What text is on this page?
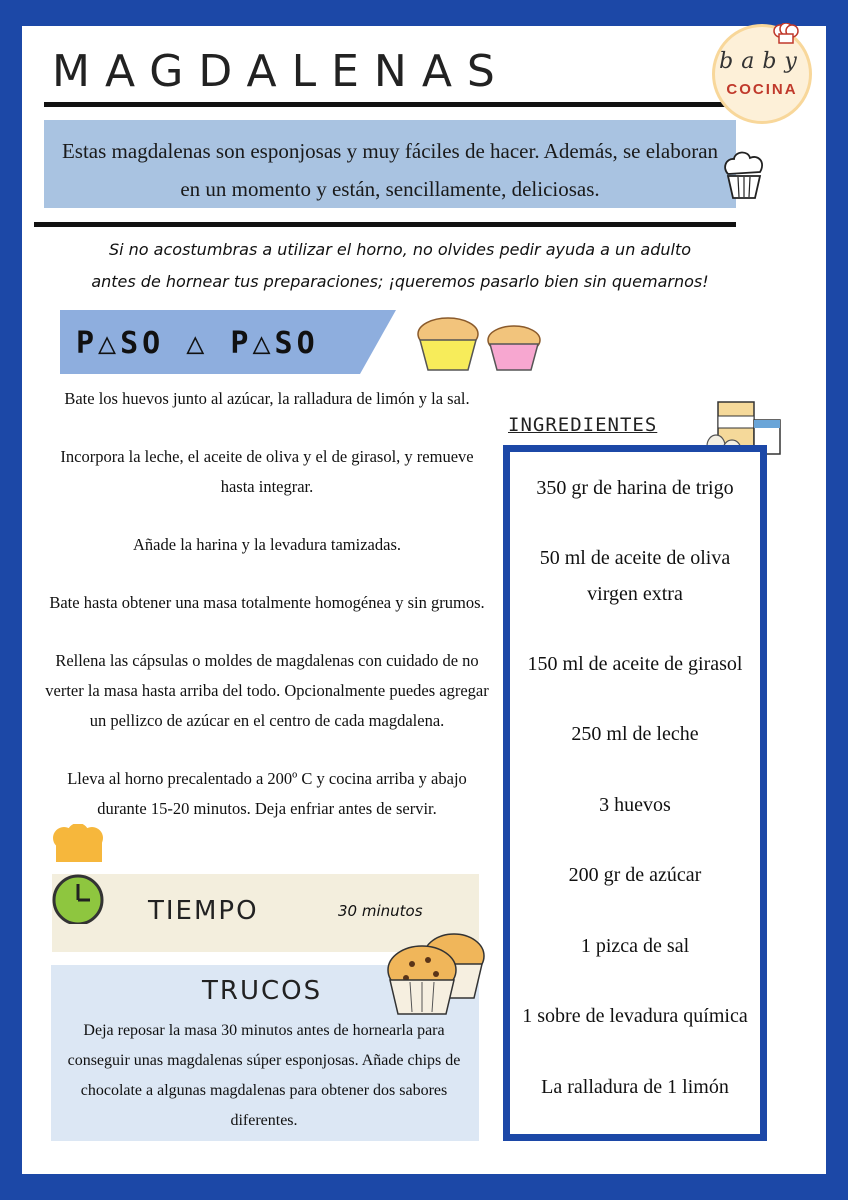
MAGDALENAS	baby
COCINA
Estas magdalenas son esponjosas y muy fáciles de hacer. Además, se elaboran en un momento y están, sencillamente, deliciosas.
Si no acostumbras a utilizar el horno, no olvides pedir ayuda a un adulto
antes de hornear tus preparaciones; ¡queremos pasarlo bien sin quemarnos!
P△SO △ P△SO

Bate los huevos junto al azúcar, la ralladura de limón y la sal.

Incorpora la leche, el aceite de oliva y el de girasol, y remueve hasta integrar.

Añade la harina y la levadura tamizadas.

Bate hasta obtener una masa totalmente homogénea y sin grumos.

Rellena las cápsulas o moldes de magdalenas con cuidado de no verter la masa hasta arriba del todo. Opcionalmente puedes agregar un pellizco de azúcar en el centro de cada magdalena.

Lleva al horno precalentado a 200º C y cocina arriba y abajo durante 15-20 minutos. Deja enfriar antes de servir.

INGREDIENTES
350 gr de harina de trigo
50 ml de aceite de oliva virgen extra
150 ml de aceite de girasol
250 ml de leche
3 huevos
200 gr de azúcar
1 pizca de sal
1 sobre de levadura química
La ralladura de 1 limón
TIEMPO	30 minutos
TRUCOS
Deja reposar la masa 30 minutos antes de hornearla para conseguir unas magdalenas súper esponjosas. Añade chips de chocolate a algunas magdalenas para obtener dos sabores diferentes.
